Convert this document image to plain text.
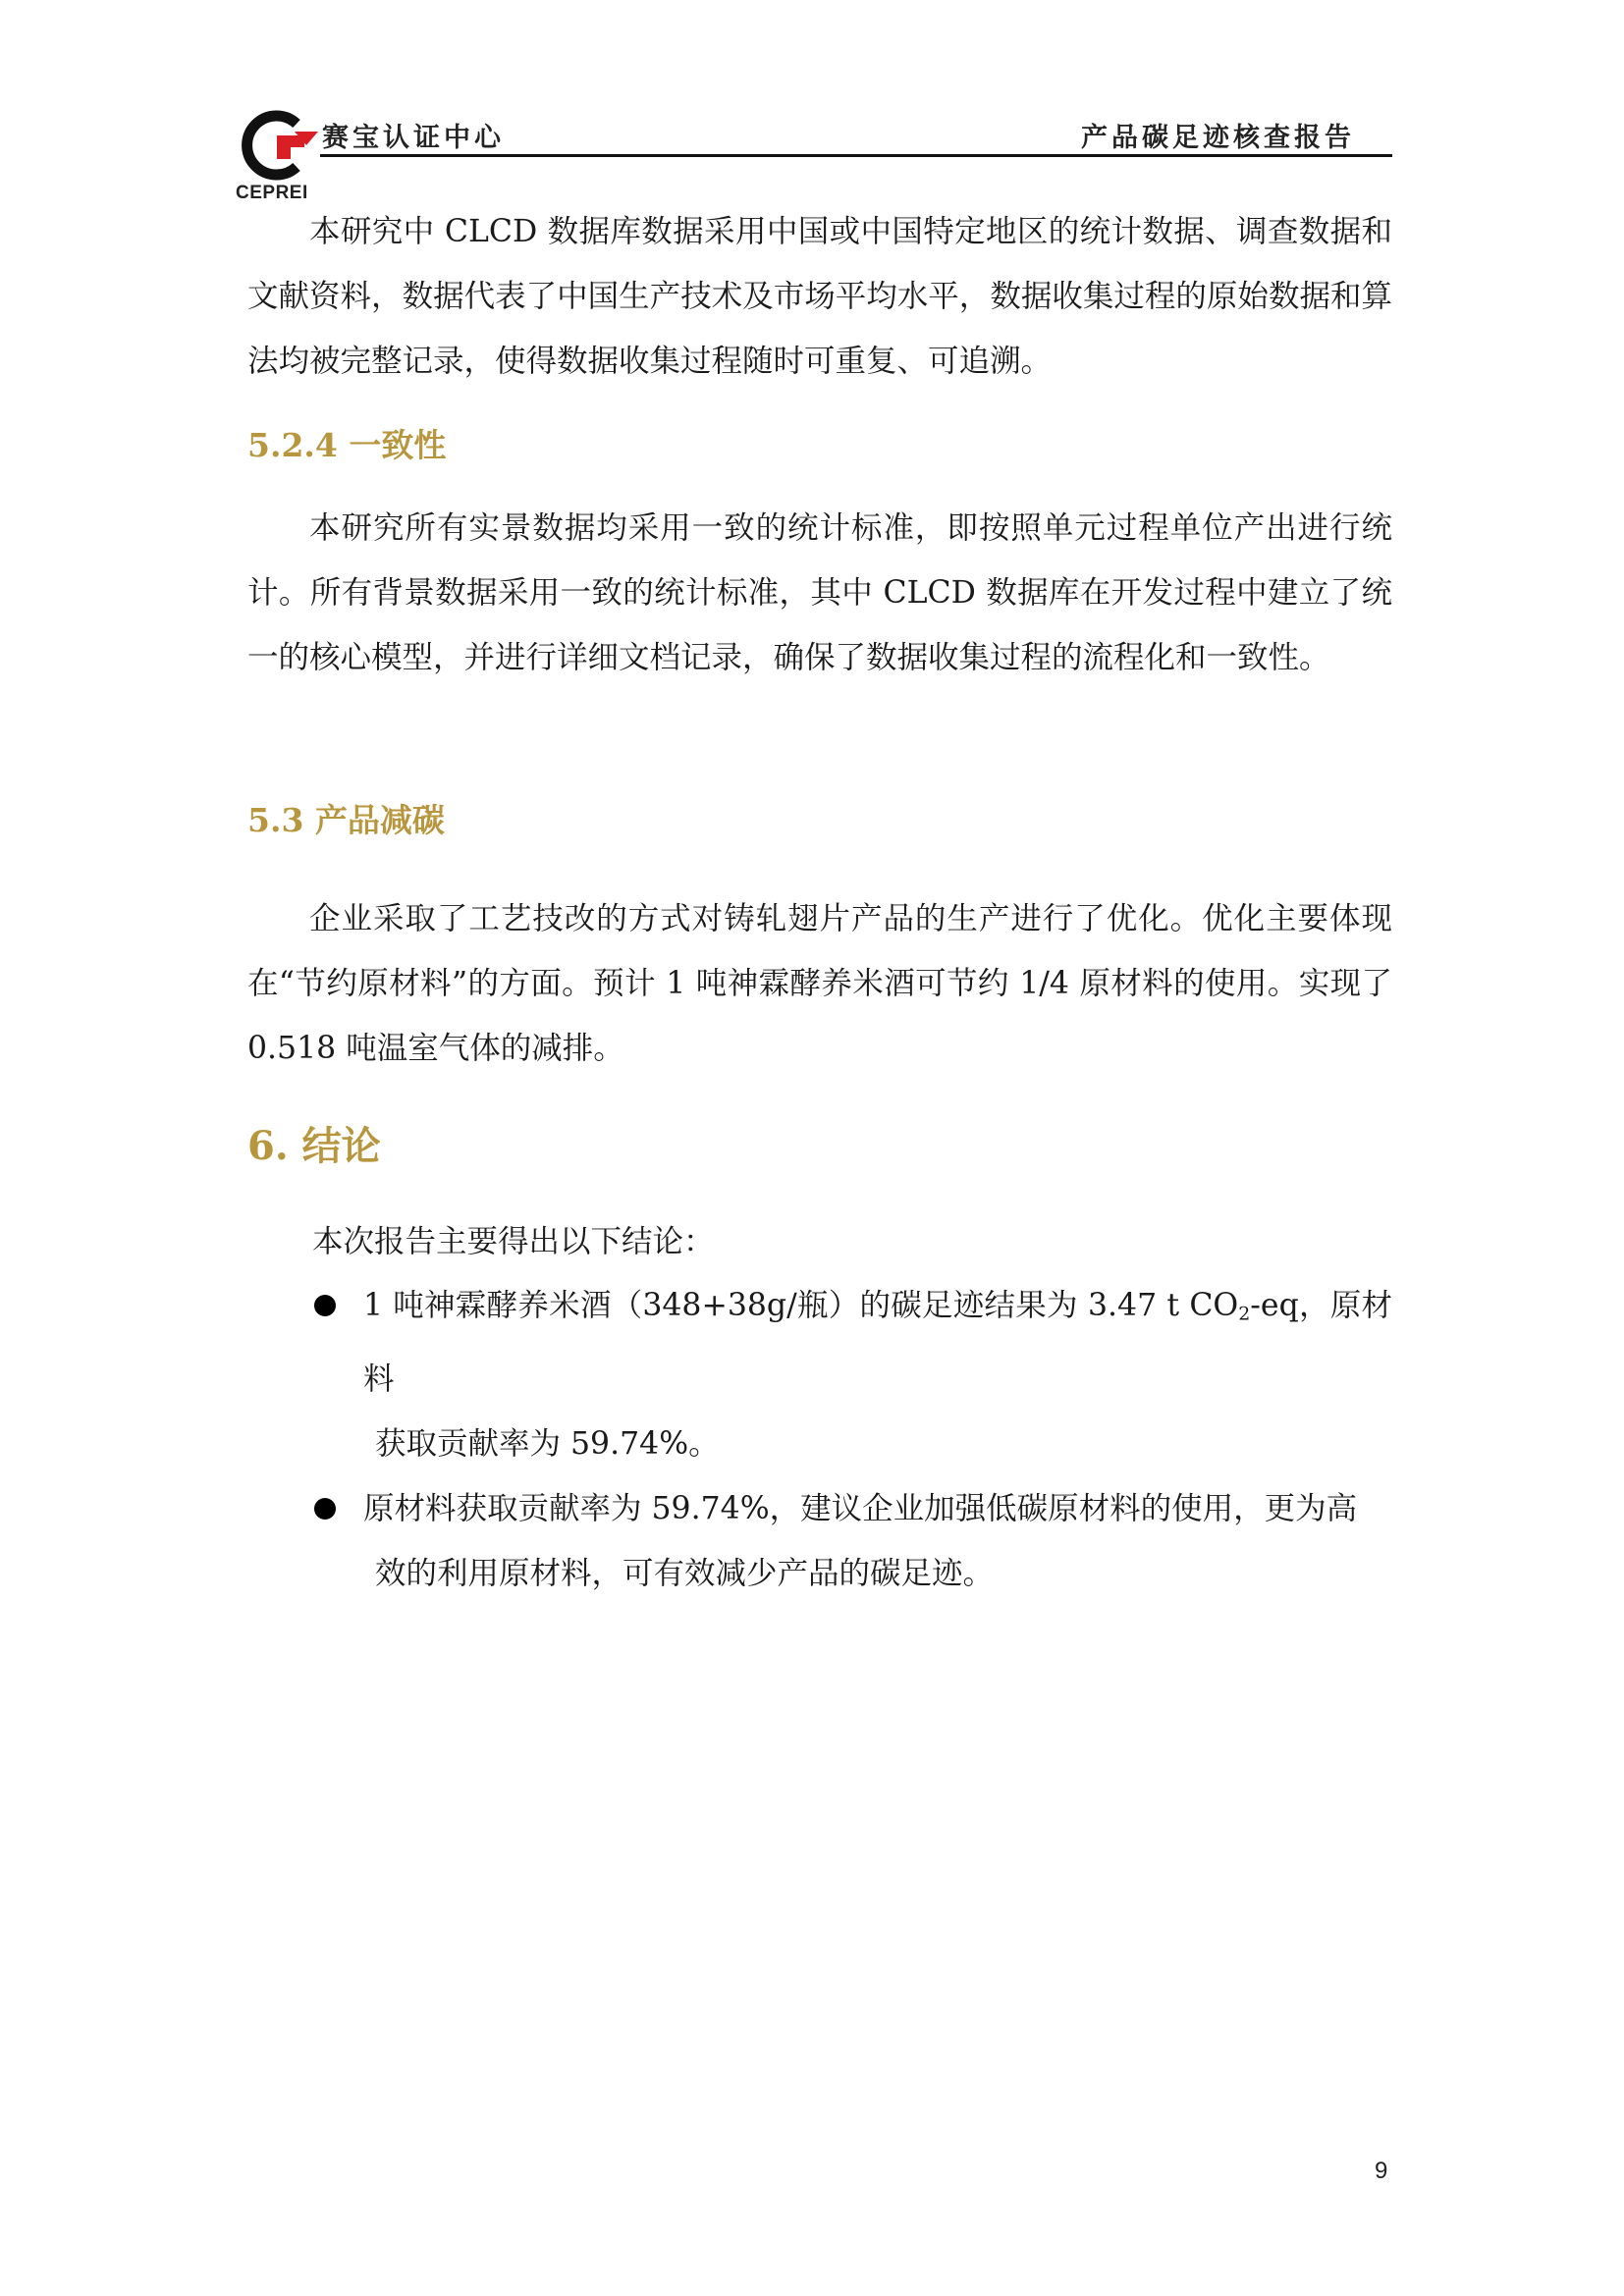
CEPREI
赛宝认证中心	产品碳足迹核查报告

本研究中 CLCD 数据库数据采用中国或中国特定地区的统计数据、调查数据和文献资料，数据代表了中国生产技术及市场平均水平，数据收集过程的原始数据和算法均被完整记录，使得数据收集过程随时可重复、可追溯。

5.2.4 一致性

本研究所有实景数据均采用一致的统计标准，即按照单元过程单位产出进行统计。所有背景数据采用一致的统计标准，其中 CLCD 数据库在开发过程中建立了统一的核心模型，并进行详细文档记录，确保了数据收集过程的流程化和一致性。

5.3 产品减碳

企业采取了工艺技改的方式对铸轧翅片产品的生产进行了优化。优化主要体现在“节约原材料”的方面。预计 1 吨神霖酵养米酒可节约 1/4 原材料的使用。实现了 0.518 吨温室气体的减排。

6. 结论

本次报告主要得出以下结论：

1 吨神霖酵养米酒（348+38g/瓶）的碳足迹结果为 3.47 t $CO_2-eq$，原材料
获取贡献率为 59.74%。
原材料获取贡献率为 59.74%，建议企业加强低碳原材料的使用，更为高
效的利用原材料，可有效减少产品的碳足迹。
9
